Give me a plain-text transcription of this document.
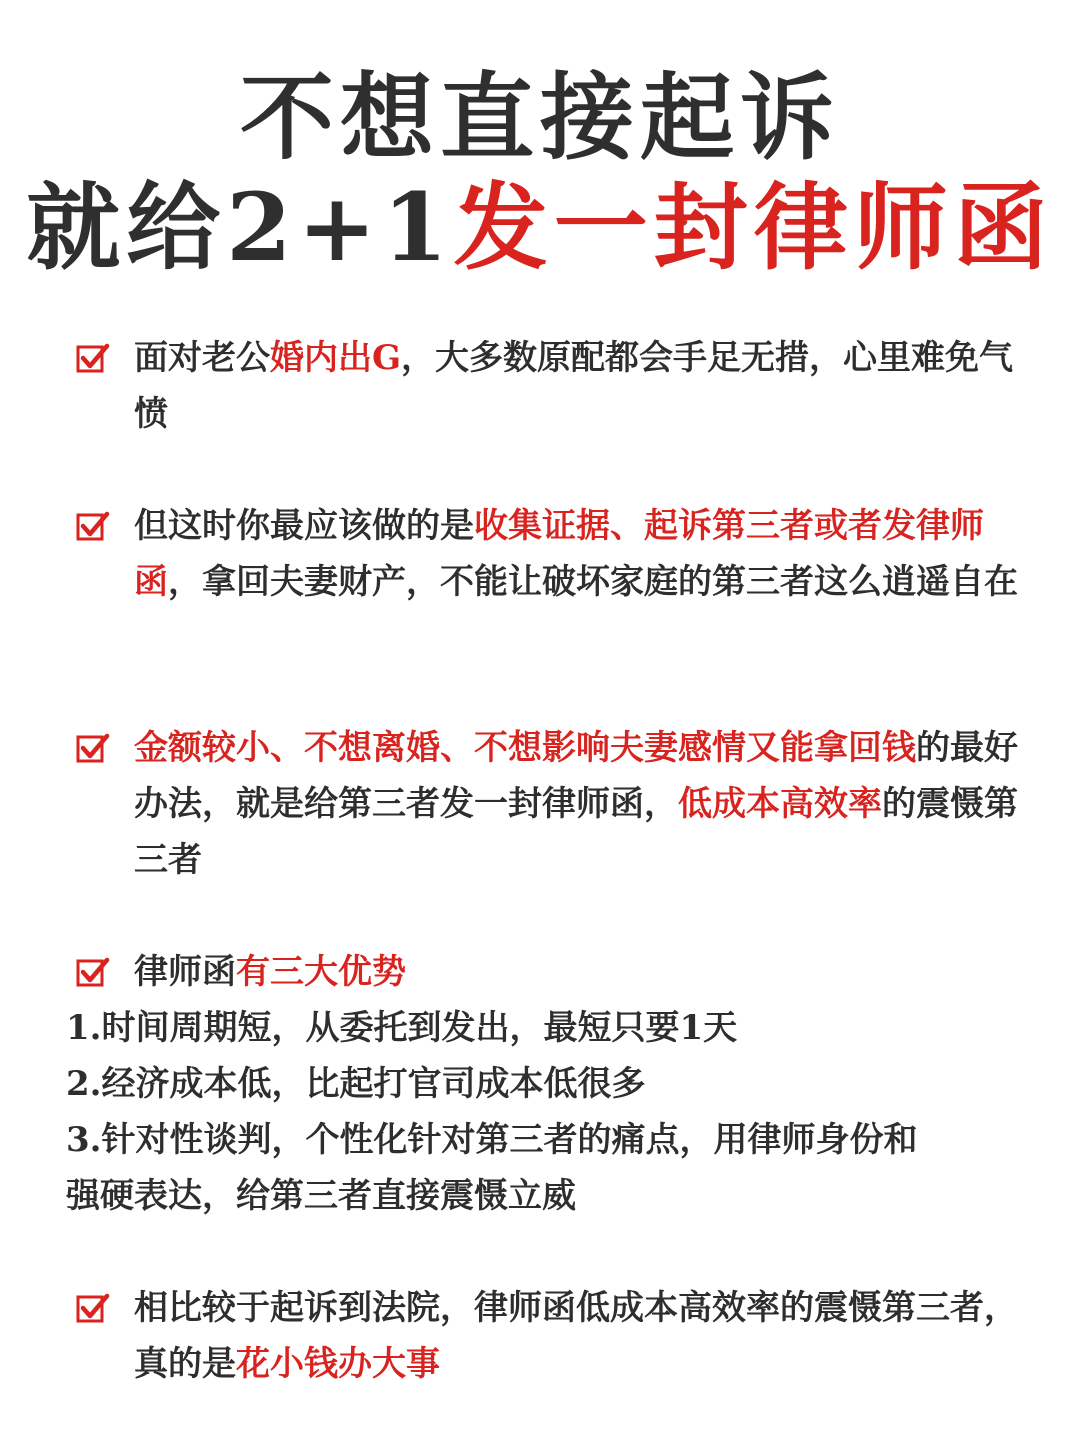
不想直接起诉
就给2+1发一封律师函
面对老公婚内出G，大多数原配都会手足无措，心里难免气愤
但这时你最应该做的是收集证据、起诉第三者或者发律师函，拿回夫妻财产，不能让破坏家庭的第三者这么逍遥自在
金额较小、不想离婚、不想影响夫妻感情又能拿回钱的最好办法，就是给第三者发一封律师函，低成本高效率的震慑第三者
律师函有三大优势
1.时间周期短，从委托到发出，最短只要1天
2.经济成本低，比起打官司成本低很多
3.针对性谈判，个性化针对第三者的痛点，用律师身份和
强硬表达，给第三者直接震慑立威
相比较于起诉到法院，律师函低成本高效率的震慑第三者，真的是花小钱办大事
